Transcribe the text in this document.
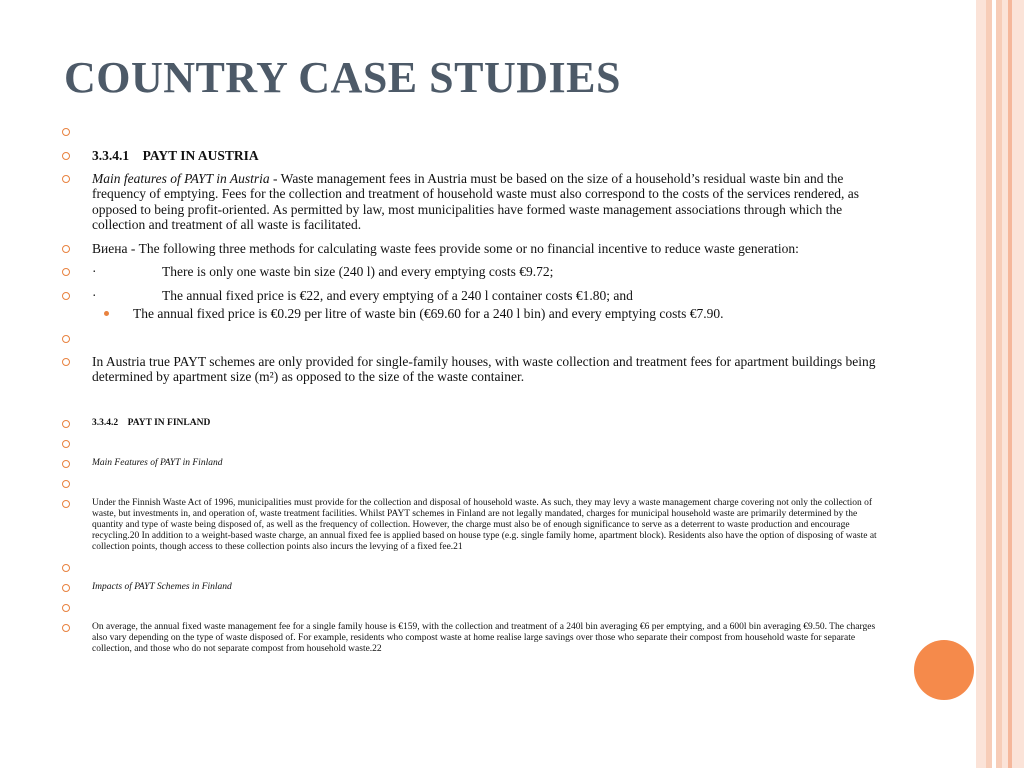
COUNTRY CASE STUDIES
3.3.4.1    PAYT IN AUSTRIA
Main features of PAYT in Austria - Waste management fees in Austria must be based on the size of a household’s residual waste bin and the frequency of emptying. Fees for the collection and treatment of household waste must also correspond to the costs of the services rendered, as opposed to being profit-oriented. As permitted by law, most municipalities have formed waste management associations through which the collection and treatment of all waste is facilitated.
Виена - The following three methods for calculating waste fees provide some or no financial incentive to reduce waste generation:
·	There is only one waste bin size (240 l) and every emptying costs €9.72;
·	The annual fixed price is €22, and every emptying of a 240 l container costs €1.80; and
The annual fixed price is €0.29 per litre of waste bin (€69.60 for a 240 l bin) and every emptying costs €7.90.
In Austria true PAYT schemes are only provided for single-family houses, with waste collection and treatment fees for apartment buildings being determined by apartment size (m²) as opposed to the size of the waste container.
3.3.4.2    PAYT IN FINLAND
Main Features of PAYT in Finland
Under the Finnish Waste Act of 1996, municipalities must provide for the collection and disposal of household waste. As such, they may levy a waste management charge covering not only the collection of waste, but investments in, and operation of, waste treatment facilities. Whilst PAYT schemes in Finland are not legally mandated, charges for municipal household waste are primarily determined by the quantity and type of waste being disposed of, as well as the frequency of collection. However, the charge must also be of enough significance to serve as a deterrent to waste production and encourage recycling.20 In addition to a weight-based waste charge, an annual fixed fee is applied based on house type (e.g. single family home, apartment block). Residents also have the option of disposing of waste at collection points, though access to these collection points also incurs the levying of a fixed fee.21
Impacts of PAYT Schemes in Finland
On average, the annual fixed waste management fee for a single family house is €159, with the collection and treatment of a 240l bin averaging €6 per emptying, and a 600l bin averaging €9.50. The charges also vary depending on the type of waste disposed of. For example, residents who compost waste at home realise large savings over those who separate their compost from household waste for separate collection, and those who do not separate compost from household waste.22
